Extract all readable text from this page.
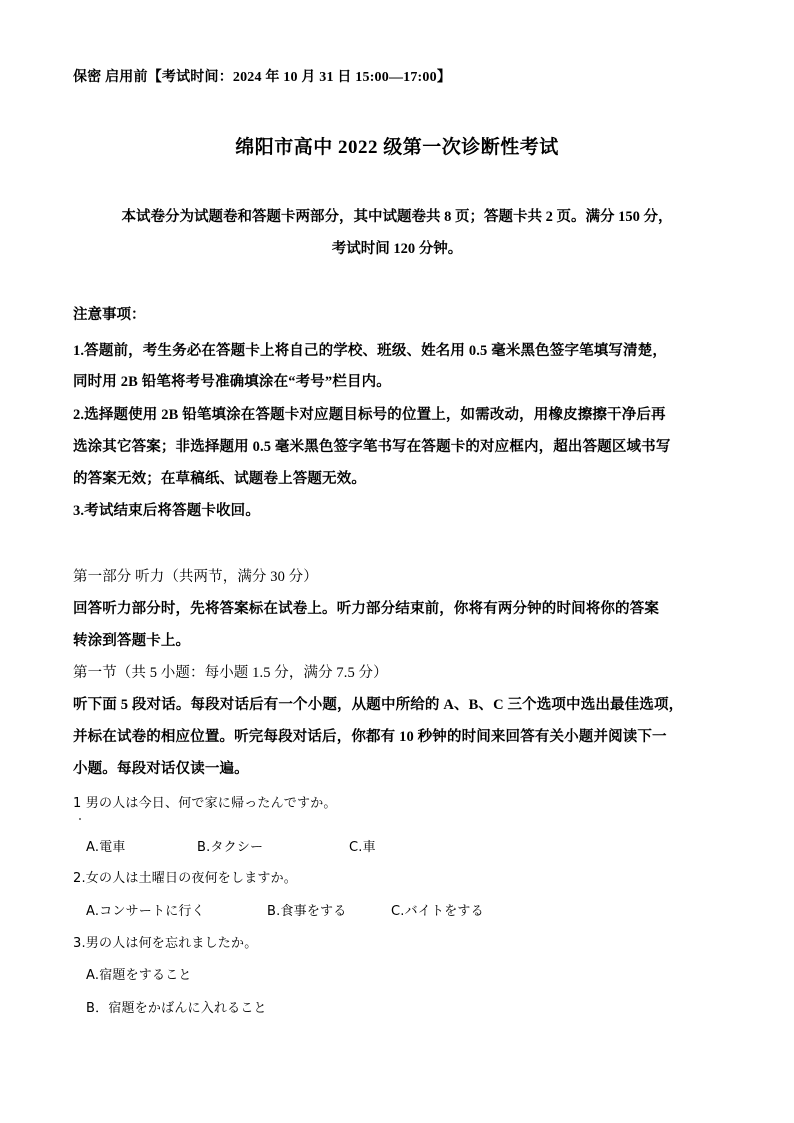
保密 启用前【考试时间：2024 年 10 月 31 日 15:00—17:00】
绵阳市高中 2022 级第一次诊断性考试
本试卷分为试题卷和答题卡两部分，其中试题卷共 8 页；答题卡共 2 页。满分 150 分，
考试时间 120 分钟。
注意事项：
1.答题前，考生务必在答题卡上将自己的学校、班级、姓名用 0.5 毫米黑色签字笔填写清楚，
同时用 2B 铅笔将考号准确填涂在“考号”栏目内。
2.选择题使用 2B 铅笔填涂在答题卡对应题目标号的位置上，如需改动，用橡皮擦擦干净后再
选涂其它答案；非选择题用 0.5 毫米黑色签字笔书写在答题卡的对应框内，超出答题区域书写
的答案无效；在草稿纸、试题卷上答题无效。
3.考试结束后将答题卡收回。
第一部分 听力（共两节，满分 30 分）
回答听力部分时，先将答案标在试卷上。听力部分结束前，你将有两分钟的时间将你的答案
转涂到答题卡上。
第一节（共 5 小题：每小题 1.5 分，满分 7.5 分）
听下面 5 段对话。每段对话后有一个小题，从题中所给的 A、B、C 三个选项中选出最佳选项，
并标在试卷的相应位置。听完每段对话后，你都有 10 秒钟的时间来回答有关小题并阅读下一
小题。每段对话仅读一遍。
1 男の人は今日、何で家に帰ったんですか。
A.電車	B.タクシー	C.車
2.女の人は土曜日の夜何をしますか。
A.コンサートに行く	B.食事をする	C.バイトをする
3.男の人は何を忘れましたか。
A.宿題をすること
B．宿題をかばんに入れること
